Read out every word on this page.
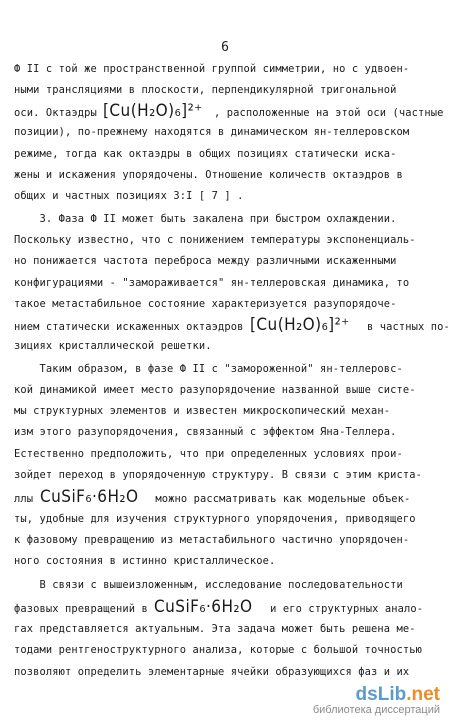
6
Ф II с той же пространственной группой симметрии, но с удвоен-
ными трансляциями в плоскости, перпендикулярной тригональной
оси. Октаэдры [Cu(H₂O)₆]²⁺ , расположенные на этой оси (частные
позиции), по-прежнему находятся в динамическом ян-теллеровском
режиме, тогда как октаэдры в общих позициях статически иска-
жены и искажения упорядочены. Отношение количеств октаэдров в
общих и частных позициях 3:I [ 7 ] .
3. Фаза Ф II может быть закалена при быстром охлаждении.
Поскольку известно, что с понижением температуры экспоненциаль-
но понижается частота переброса между различными искаженными
конфигурациями - "замораживается" ян-теллеровская динамика, то
такое метастабильное состояние характеризуется разупорядоче-
нием статически искаженных октаэдров [Cu(H₂O)₆]²⁺ в частных по-
зициях кристаллической решетки.
Таким образом, в фазе Ф II с "замороженной" ян-теллеровс-
кой динамикой имеет место разупорядочение названной выше систе-
мы структурных элементов и известен микроскопический механ-
изм этого разупорядочения, связанный с эффектом Яна-Теллера.
Естественно предположить, что при определенных условиях прои-
зойдет переход в упорядоченную структуру. В связи с этим криста-
ллы CuSiF₆·6H₂O можно рассматривать как модельные объек-
ты, удобные для изучения структурного упорядочения, приводящего
к фазовому превращению из метастабильного частично упорядочен-
ного состояния в истинно кристаллическое.
В связи с вышеизложенным, исследование последовательности
фазовых превращений в CuSiF₆·6H₂O и его структурных анало-
гах представляется актуальным. Эта задача может быть решена ме-
тодами рентгеноструктурного анализа, которые с большой точностью
позволяют определить элементарные ячейки образующихся фаз и их
dsLib.net
библиотека диссертаций
